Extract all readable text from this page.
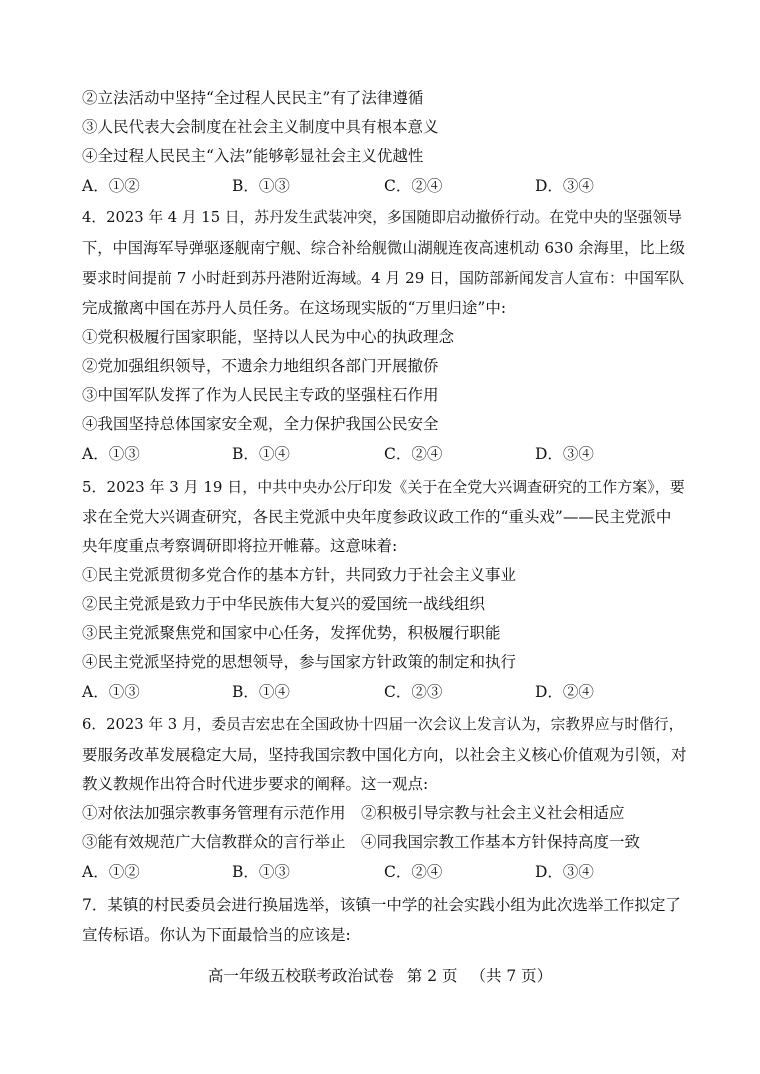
②立法活动中坚持“全过程人民民主”有了法律遵循
③人民代表大会制度在社会主义制度中具有根本意义
④全过程人民民主“入法”能够彰显社会主义优越性
A．①②	B．①③	C．②④	D．③④
4．2023 年 4 月 15 日，苏丹发生武装冲突，多国随即启动撤侨行动。在党中央的坚强领导
下，中国海军导弹驱逐舰南宁舰、综合补给舰微山湖舰连夜高速机动 630 余海里，比上级
要求时间提前 7 小时赶到苏丹港附近海域。4 月 29 日，国防部新闻发言人宣布：中国军队
完成撤离中国在苏丹人员任务。在这场现实版的“万里归途”中:
①党积极履行国家职能，坚持以人民为中心的执政理念
②党加强组织领导，不遗余力地组织各部门开展撤侨
③中国军队发挥了作为人民民主专政的坚强柱石作用
④我国坚持总体国家安全观，全力保护我国公民安全
A．①③	B．①④	C．②④	D．③④
5．2023 年 3 月 19 日，中共中央办公厅印发《关于在全党大兴调查研究的工作方案》，要
求在全党大兴调查研究，各民主党派中央年度参政议政工作的“重头戏”——民主党派中
央年度重点考察调研即将拉开帷幕。这意味着:
①民主党派贯彻多党合作的基本方针，共同致力于社会主义事业
②民主党派是致力于中华民族伟大复兴的爱国统一战线组织
③民主党派聚焦党和国家中心任务，发挥优势，积极履行职能
④民主党派坚持党的思想领导，参与国家方针政策的制定和执行
A．①③	B．①④	C．②③	D．②④
6．2023 年 3 月，委员吉宏忠在全国政协十四届一次会议上发言认为，宗教界应与时偕行，
要服务改革发展稳定大局，坚持我国宗教中国化方向，以社会主义核心价值观为引领，对
教义教规作出符合时代进步要求的阐释。这一观点:
①对依法加强宗教事务管理有示范作用　②积极引导宗教与社会主义社会相适应
③能有效规范广大信教群众的言行举止　④同我国宗教工作基本方针保持高度一致
A．①②	B．①③	C．②④	D．③④
7．某镇的村民委员会进行换届选举，该镇一中学的社会实践小组为此次选举工作拟定了
宣传标语。你认为下面最恰当的应该是:
高一年级五校联考政治试卷 第 2 页 （共 7 页）
